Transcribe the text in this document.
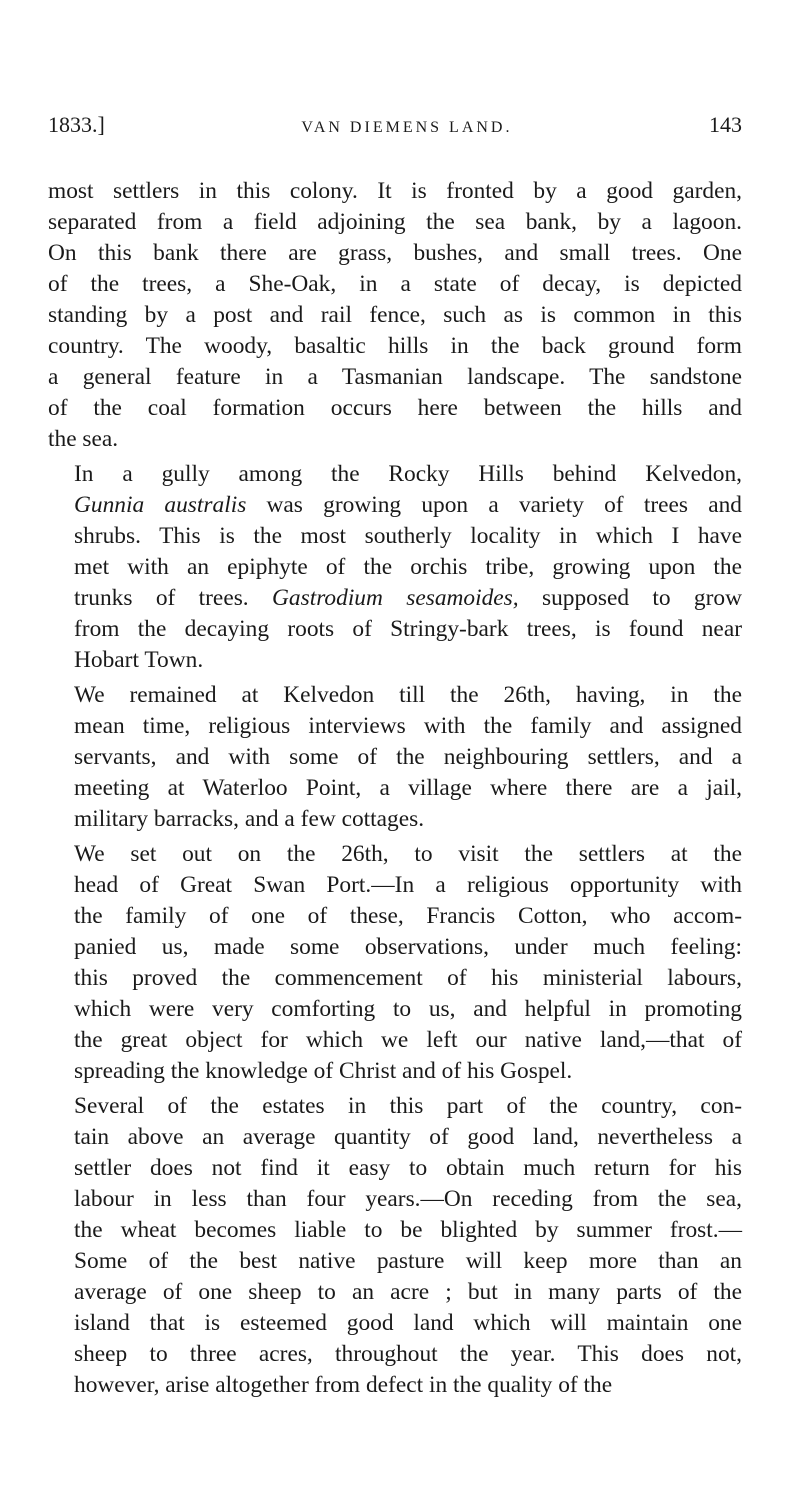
1833.]	VAN DIEMENS LAND.	143

most settlers in this colony. It is fronted by a good garden,
separated from a field adjoining the sea bank, by a lagoon.
On this bank there are grass, bushes, and small trees. One
of the trees, a She-Oak, in a state of decay, is depicted
standing by a post and rail fence, such as is common in this
country. The woody, basaltic hills in the back ground form
a general feature in a Tasmanian landscape. The sandstone
of the coal formation occurs here between the hills and
the sea.

In a gully among the Rocky Hills behind Kelvedon,
Gunnia australis was growing upon a variety of trees and
shrubs. This is the most southerly locality in which I have
met with an epiphyte of the orchis tribe, growing upon the
trunks of trees. Gastrodium sesamoides, supposed to grow
from the decaying roots of Stringy-bark trees, is found near
Hobart Town.

We remained at Kelvedon till the 26th, having, in the
mean time, religious interviews with the family and assigned
servants, and with some of the neighbouring settlers, and a
meeting at Waterloo Point, a village where there are a jail,
military barracks, and a few cottages.

We set out on the 26th, to visit the settlers at the
head of Great Swan Port.—In a religious opportunity with
the family of one of these, Francis Cotton, who accom-
panied us, made some observations, under much feeling:
this proved the commencement of his ministerial labours,
which were very comforting to us, and helpful in promoting
the great object for which we left our native land,—that of
spreading the knowledge of Christ and of his Gospel.

Several of the estates in this part of the country, con-
tain above an average quantity of good land, nevertheless a
settler does not find it easy to obtain much return for his
labour in less than four years.—On receding from the sea,
the wheat becomes liable to be blighted by summer frost.—
Some of the best native pasture will keep more than an
average of one sheep to an acre ; but in many parts of the
island that is esteemed good land which will maintain one
sheep to three acres, throughout the year. This does not,
however, arise altogether from defect in the quality of the
